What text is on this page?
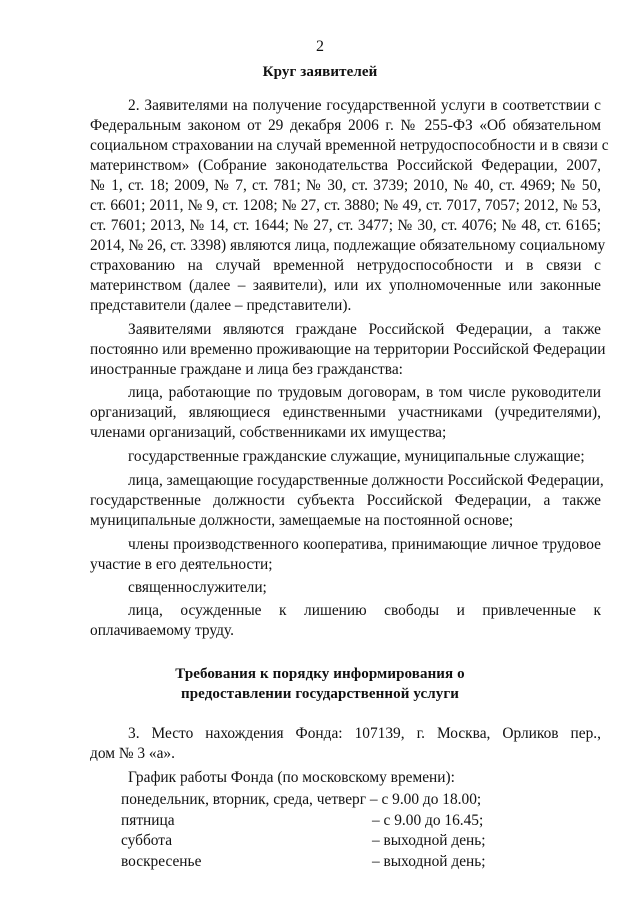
2
Круг заявителей
2. Заявителями на получение государственной услуги в соответствии с
Федеральным законом от 29 декабря 2006 г. № 255-ФЗ «Об обязательном
социальном страховании на случай временной нетрудоспособности и в связи с
материнством» (Собрание законодательства Российской Федерации, 2007,
№ 1, ст. 18; 2009, № 7, ст. 781; № 30, ст. 3739; 2010, № 40, ст. 4969; № 50,
ст. 6601; 2011, № 9, ст. 1208; № 27, ст. 3880; № 49, ст. 7017, 7057; 2012, № 53,
ст. 7601; 2013, № 14, ст. 1644; № 27, ст. 3477; № 30, ст. 4076; № 48, ст. 6165;
2014, № 26, ст. 3398) являются лица, подлежащие обязательному социальному
страхованию на случай временной нетрудоспособности и в связи с
материнством (далее – заявители), или их уполномоченные или законные
представители (далее – представители).
Заявителями являются граждане Российской Федерации, а также
постоянно или временно проживающие на территории Российской Федерации
иностранные граждане и лица без гражданства:
лица, работающие по трудовым договорам, в том числе руководители
организаций, являющиеся единственными участниками (учредителями),
членами организаций, собственниками их имущества;
государственные гражданские служащие, муниципальные служащие;
лица, замещающие государственные должности Российской Федерации,
государственные должности субъекта Российской Федерации, а также
муниципальные должности, замещаемые на постоянной основе;
члены производственного кооператива, принимающие личное трудовое
участие в его деятельности;
священнослужители;
лица, осужденные к лишению свободы и привлеченные к
оплачиваемому труду.
Требования к порядку информирования о
предоставлении государственной услуги
3. Место нахождения Фонда: 107139, г. Москва, Орликов пер.,
дом № 3 «а».
График работы Фонда (по московскому времени):
понедельник, вторник, среда, четверг – с 9.00 до 18.00;
пятница	– с 9.00 до 16.45;
суббота	– выходной день;
воскресенье	– выходной день;
